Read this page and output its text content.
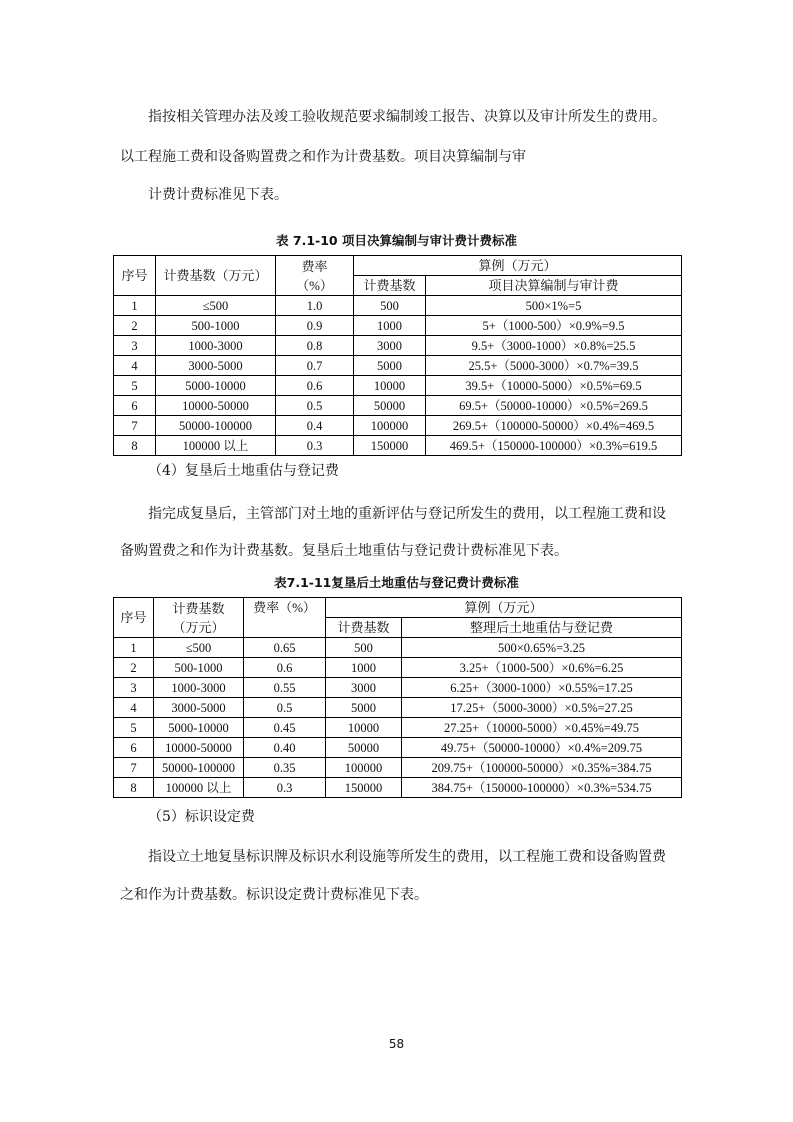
指按相关管理办法及竣工验收规范要求编制竣工报告、决算以及审计所发生的费用。
以工程施工费和设备购置费之和作为计费基数。项目决算编制与审
计费计费标准见下表。
表 7.1-10 项目决算编制与审计费计费标准
序号	计费基数（万元）	费率
（%）	算例（万元）	
			计费基数	项目决算编制与审计费
1	≤500	1.0	500	500×1%=5
2	500-1000	0.9	1000	5+（1000-500）×0.9%=9.5
3	1000-3000	0.8	3000	9.5+（3000-1000）×0.8%=25.5
4	3000-5000	0.7	5000	25.5+（5000-3000）×0.7%=39.5
5	5000-10000	0.6	10000	39.5+（10000-5000）×0.5%=69.5
6	10000-50000	0.5	50000	69.5+（50000-10000）×0.5%=269.5
7	50000-100000	0.4	100000	269.5+（100000-50000）×0.4%=469.5
8	100000 以上	0.3	150000	469.5+（150000-100000）×0.3%=619.5
（4）复垦后土地重估与登记费
指完成复垦后，主管部门对土地的重新评估与登记所发生的费用，以工程施工费和设
备购置费之和作为计费基数。复垦后土地重估与登记费计费标准见下表。
表7.1-11复垦后土地重估与登记费计费标准
序号	计费基数
（万元）	费率（%）	算例（万元）	
			计费基数	整理后土地重估与登记费
1	≤500	0.65	500	500×0.65%=3.25
2	500-1000	0.6	1000	3.25+（1000-500）×0.6%=6.25
3	1000-3000	0.55	3000	6.25+（3000-1000）×0.55%=17.25
4	3000-5000	0.5	5000	17.25+（5000-3000）×0.5%=27.25
5	5000-10000	0.45	10000	27.25+（10000-5000）×0.45%=49.75
6	10000-50000	0.40	50000	49.75+（50000-10000）×0.4%=209.75
7	50000-100000	0.35	100000	209.75+（100000-50000）×0.35%=384.75
8	100000 以上	0.3	150000	384.75+（150000-100000）×0.3%=534.75
（5）标识设定费
指设立土地复垦标识牌及标识水利设施等所发生的费用，以工程施工费和设备购置费
之和作为计费基数。标识设定费计费标准见下表。
58
